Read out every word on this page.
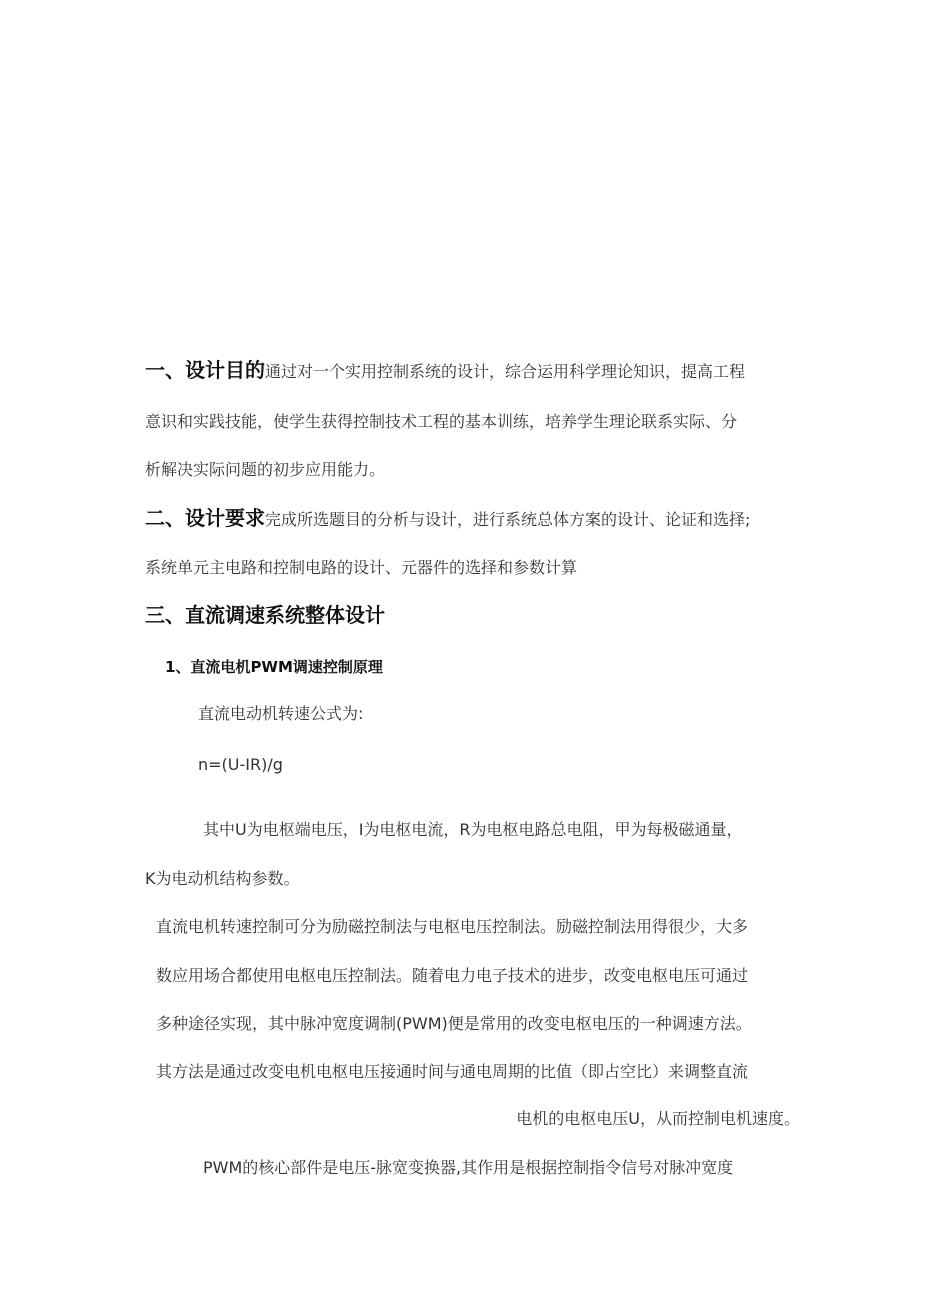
一、设计目的通过对一个实用控制系统的设计，综合运用科学理论知识，提高工程
意识和实践技能，使学生获得控制技术工程的基本训练，培养学生理论联系实际、分
析解决实际问题的初步应用能力。
二、设计要求完成所选题目的分析与设计，进行系统总体方案的设计、论证和选择;
系统单元主电路和控制电路的设计、元器件的选择和参数计算
三、直流调速系统整体设计
1、直流电机PWM调速控制原理
直流电动机转速公式为:
n=(U-IR)/g
其中U为电枢端电压，I为电枢电流，R为电枢电路总电阻，甲为每极磁通量，
K为电动机结构参数。
直流电机转速控制可分为励磁控制法与电枢电压控制法。励磁控制法用得很少，大多
数应用场合都使用电枢电压控制法。随着电力电子技术的进步，改变电枢电压可通过
多种途径实现，其中脉冲宽度调制(PWM)便是常用的改变电枢电压的一种调速方法。
其方法是通过改变电机电枢电压接通时间与通电周期的比值（即占空比）来调整直流
电机的电枢电压U，从而控制电机速度。
PWM的核心部件是电压-脉宽变换器,其作用是根据控制指令信号对脉冲宽度
